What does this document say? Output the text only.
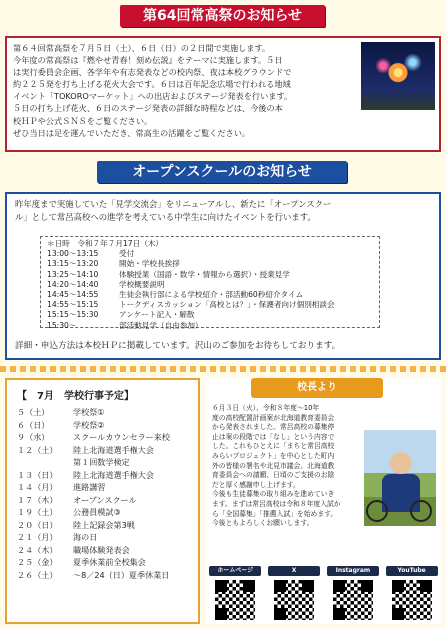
第64回常高祭のお知らせ

第６４回常高祭を７月５日（土）、６日（日）の２日間で実施します。

今年度の常高祭は『燃やせ青春！刻め伝説』をテーマに実施します。５日

は実行委員会企画、各学年や有志発表などの校内祭、夜は本校グラウンドで

約２２５発を打ち上げる花火大会です。６日は百年記念広場で行われる地域

イベント「TOKOROマーケット」への出店およびステージ発表を行います。

５日の打ち上げ花火、６日のステージ発表の詳細な時程などは、今後の本

校ＨＰや公式ＳＮＳをご覧ください。

ぜひ当日は足を運んでいただき、常高生の活躍をご覧ください。

オープンスクールのお知らせ
昨年度まで実施していた「見学交流会」をリニューアルし、新たに「オープンスクー
ル」として常呂高校への進学を考えている中学生に向けたイベントを行います。
＊日時　令和７年７月17日（木）
13:00～13:15	受付
13:15～13:20	開始・学校長挨拶
13:25～14:10	体験授業（国語・数学・情報から選択）・授業見学
14:20～14:40	学校概要説明
14:45～14:55	生徒会執行部による学校紹介・部活動60秒紹介タイム
14:55～15:15	トークディスカッション「高校とは？」・保護者向け個別相談会
15:15～15:30	アンケート記入・解散
15:30～	部活動見学（自由参加）
詳細・申込方法は本校ＨＰに掲載しています。沢山のご参加をお待ちしております。
【　7月　学校行事予定】
５（土）	学校祭①
６（日）	学校祭②
９（水）	スクールカウンセラー来校
１２（土）	陸上北海道選手権大会
第１回数学検定
１３（日）	陸上北海道選手権大会
１４（月）	進路講習
１７（木）	オープンスクール
１９（土）	公務員模試③
２０（日）	陸上記録会第3戦
２１（月）	海の日
２４（木）	職場体験発表会
２５（金）	夏季休業前全校集会
２６（土）	～8／24（日）夏季休業日
校長より

６月３日（火）、令和８年度～10年

度の高校配置計画案が北海道教育委員会

から発表されました。常呂高校の募集停

止は案の段階では「なし」という内容で

した。これもひとえに「まちと常呂高校

みらいプロジェクト」を中心とした町内

外の皆様の署名や北見市議会、北海道教

育委員会への請願、日頃のご支援のお陰

だと厚く感謝申し上げます。

今後も生徒募集の取り組みを進めていき

ます。まずは常呂高校は令和８年度入試か

ら「全国募集」「推薦入試」を始めます。

今後ともよろしくお願いします。

ホームページ	X	Instagram	YouTube
